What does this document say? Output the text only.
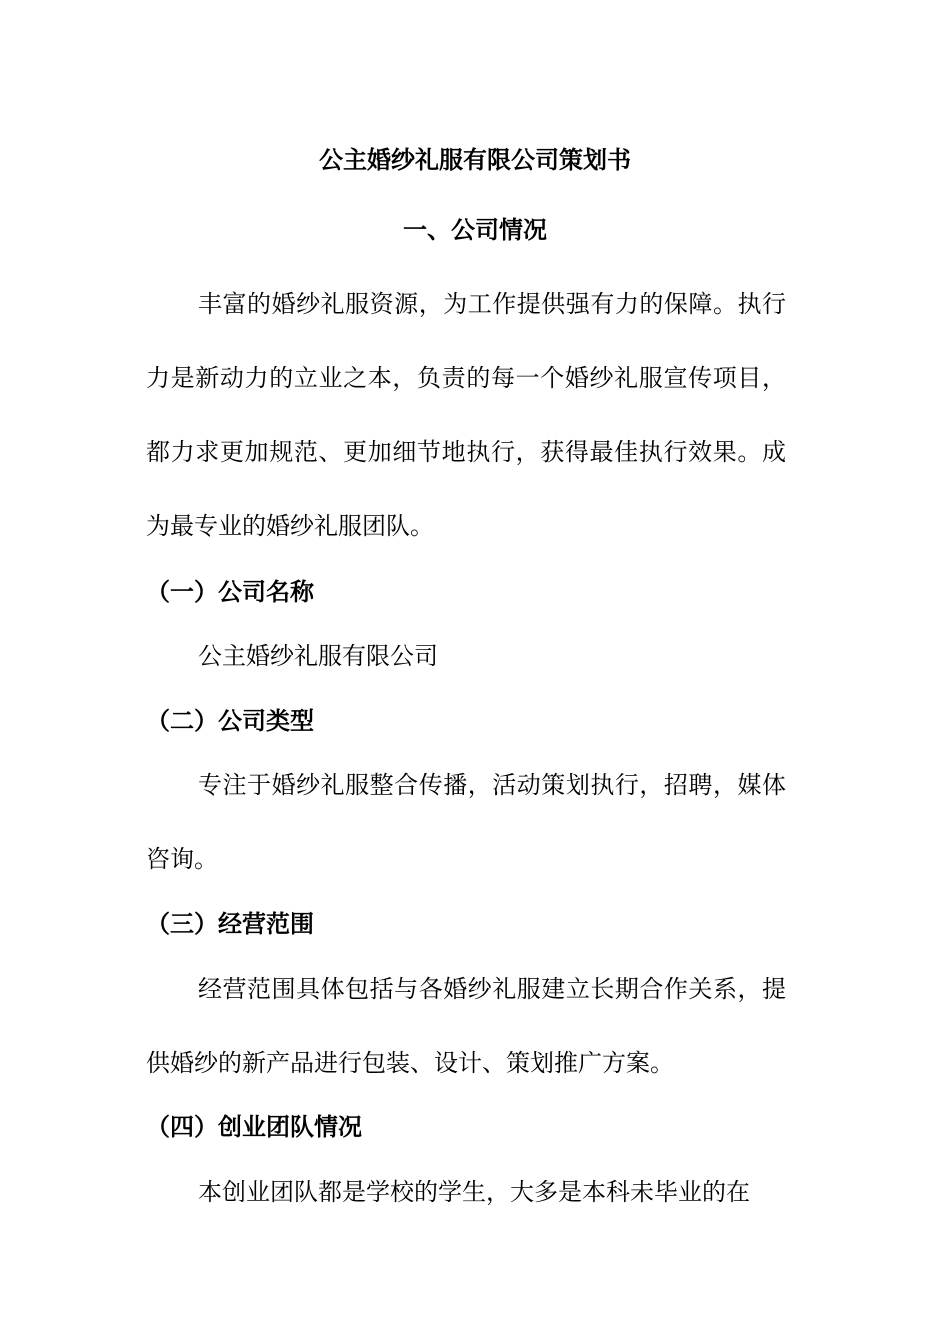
公主婚纱礼服有限公司策划书
一、公司情况

丰富的婚纱礼服资源，为工作提供强有力的保障。执行力是新动力的立业之本，负责的每一个婚纱礼服宣传项目，都力求更加规范、更加细节地执行，获得最佳执行效果。成为最专业的婚纱礼服团队。

（一）公司名称

公主婚纱礼服有限公司

（二）公司类型

专注于婚纱礼服整合传播，活动策划执行，招聘，媒体咨询。

（三）经营范围

经营范围具体包括与各婚纱礼服建立长期合作关系，提供婚纱的新产品进行包装、设计、策划推广方案。

（四）创业团队情况

本创业团队都是学校的学生，大多是本科未毕业的在
